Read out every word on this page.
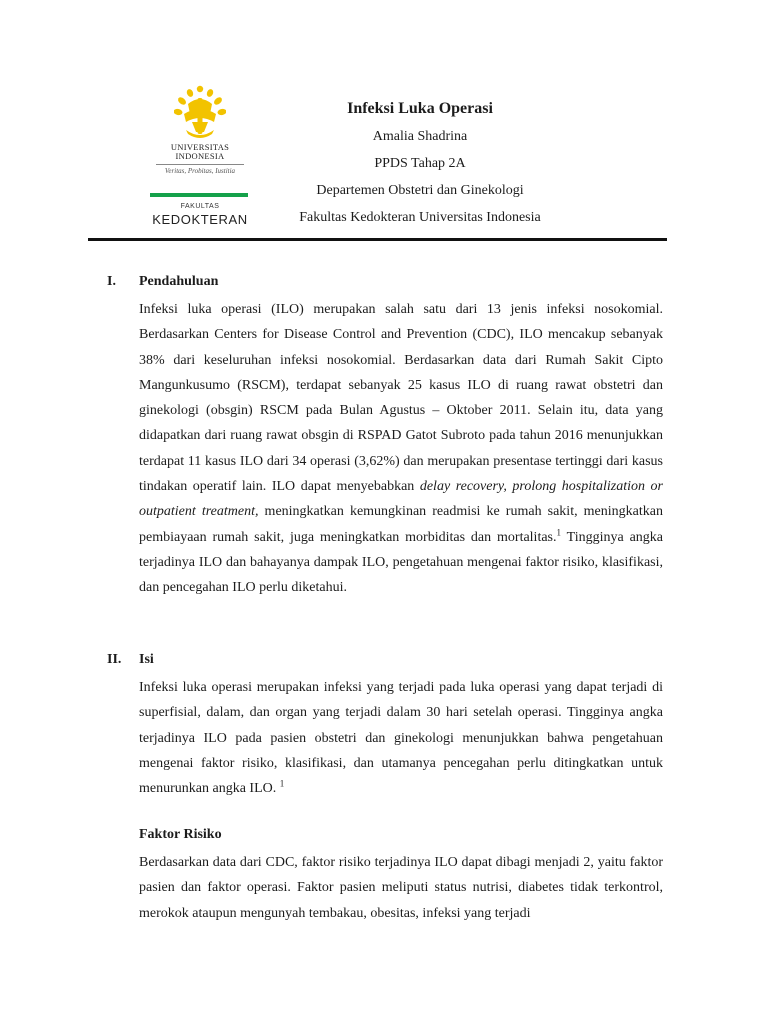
UNIVERSITAS
INDONESIA
Veritas, Probitas, Iustitia
FAKULTAS
KEDOKTERAN
Infeksi Luka Operasi
Amalia Shadrina
PPDS Tahap 2A
Departemen Obstetri dan Ginekologi
Fakultas Kedokteran Universitas Indonesia
I. Pendahuluan
Infeksi luka operasi (ILO) merupakan salah satu dari 13 jenis infeksi nosokomial. Berdasarkan Centers for Disease Control and Prevention (CDC), ILO mencakup sebanyak 38% dari keseluruhan infeksi nosokomial. Berdasarkan data dari Rumah Sakit Cipto Mangunkusumo (RSCM), terdapat sebanyak 25 kasus ILO di ruang rawat obstetri dan ginekologi (obsgin) RSCM pada Bulan Agustus – Oktober 2011. Selain itu, data yang didapatkan dari ruang rawat obsgin di RSPAD Gatot Subroto pada tahun 2016 menunjukkan terdapat 11 kasus ILO dari 34 operasi (3,62%) dan merupakan presentase tertinggi dari kasus tindakan operatif lain. ILO dapat menyebabkan delay recovery, prolong hospitalization or outpatient treatment, meningkatkan kemungkinan readmisi ke rumah sakit, meningkatkan pembiayaan rumah sakit, juga meningkatkan morbiditas dan mortalitas.$^1$ Tingginya angka terjadinya ILO dan bahayanya dampak ILO, pengetahuan mengenai faktor risiko, klasifikasi, dan pencegahan ILO perlu diketahui.
II. Isi
Infeksi luka operasi merupakan infeksi yang terjadi pada luka operasi yang dapat terjadi di superfisial, dalam, dan organ yang terjadi dalam 30 hari setelah operasi. Tingginya angka terjadinya ILO pada pasien obstetri dan ginekologi menunjukkan bahwa pengetahuan mengenai faktor risiko, klasifikasi, dan utamanya pencegahan perlu ditingkatkan untuk menurunkan angka ILO. $^1$
Faktor Risiko
Berdasarkan data dari CDC, faktor risiko terjadinya ILO dapat dibagi menjadi 2, yaitu faktor pasien dan faktor operasi. Faktor pasien meliputi status nutrisi, diabetes tidak terkontrol, merokok ataupun mengunyah tembakau, obesitas, infeksi yang terjadi
